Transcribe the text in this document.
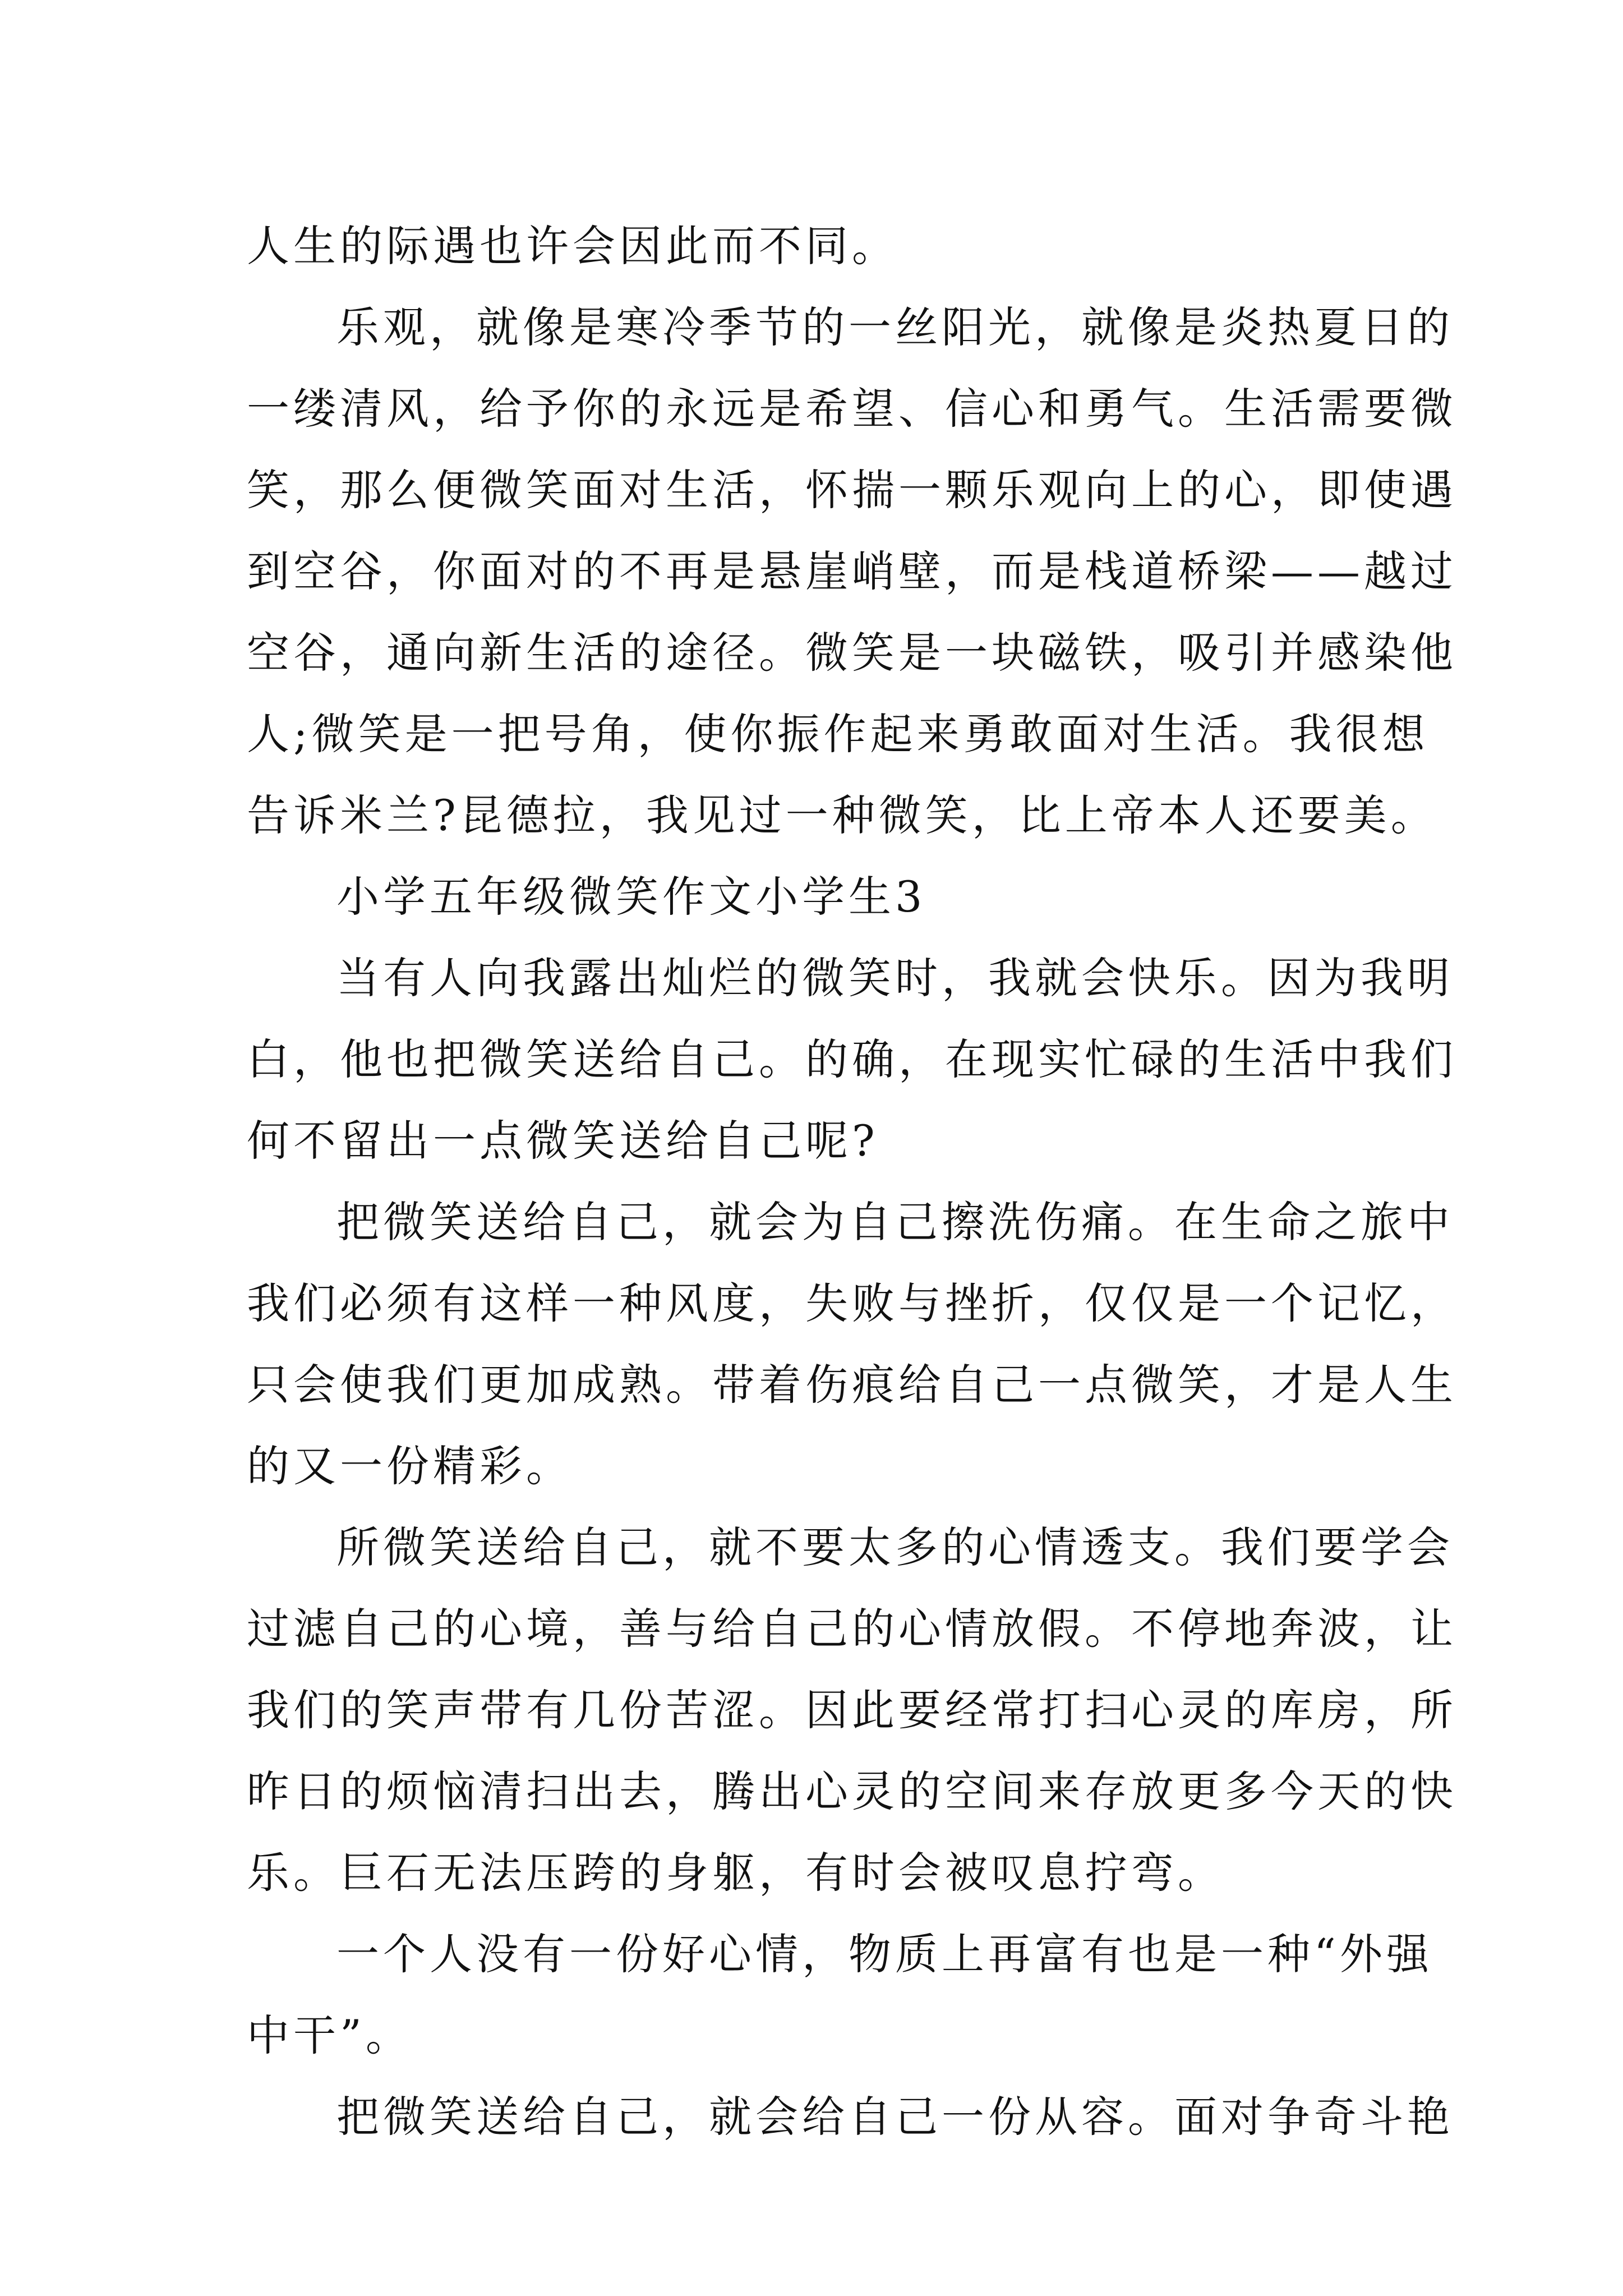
人生的际遇也许会因此而不同。
乐观，就像是寒冷季节的一丝阳光，就像是炎热夏日的
一缕清风，给予你的永远是希望、信心和勇气。生活需要微
笑，那么便微笑面对生活，怀揣一颗乐观向上的心，即使遇
到空谷，你面对的不再是悬崖峭壁，而是栈道桥梁——越过
空谷，通向新生活的途径。微笑是一块磁铁，吸引并感染他
人;微笑是一把号角，使你振作起来勇敢面对生活。我很想
告诉米兰?昆德拉，我见过一种微笑，比上帝本人还要美。
小学五年级微笑作文小学生3
当有人向我露出灿烂的微笑时，我就会快乐。因为我明
白，他也把微笑送给自己。的确，在现实忙碌的生活中我们
何不留出一点微笑送给自己呢?
把微笑送给自己，就会为自己擦洗伤痛。在生命之旅中
我们必须有这样一种风度，失败与挫折，仅仅是一个记忆，
只会使我们更加成熟。带着伤痕给自己一点微笑，才是人生
的又一份精彩。
所微笑送给自己，就不要太多的心情透支。我们要学会
过滤自己的心境，善与给自己的心情放假。不停地奔波，让
我们的笑声带有几份苦涩。因此要经常打扫心灵的库房，所
昨日的烦恼清扫出去，腾出心灵的空间来存放更多今天的快
乐。巨石无法压跨的身躯，有时会被叹息拧弯。
一个人没有一份好心情，物质上再富有也是一种“外强
中干”。
把微笑送给自己，就会给自己一份从容。面对争奇斗艳
